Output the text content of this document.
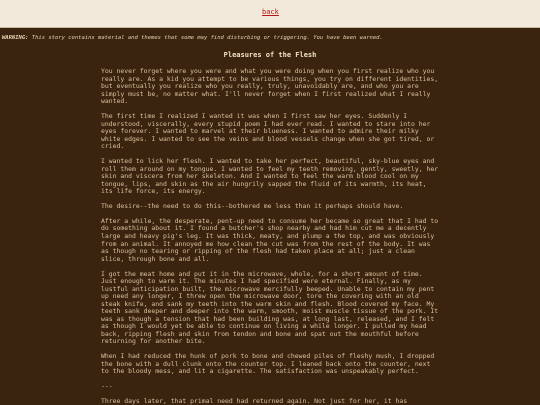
back
WARNING: This story contains material and themes that some may find disturbing or triggering. You have been warned.
Pleasures of the Flesh

You never forget where you were and what you were doing when you first realize who you really are. As a kid you attempt to be various things, you try on different identities, but eventually you realize who you really, truly, unavoidably are, and who you are simply must be, no matter what. I'll never forget when I first realized what I really wanted.

The first time I realized I wanted it was when I first saw her eyes. Suddenly I understood, viscerally, every stupid poem I had ever read. I wanted to stare into her eyes forever. I wanted to marvel at their blueness. I wanted to admire their milky white edges. I wanted to see the veins and blood vessels change when she got tired, or cried.

I wanted to lick her flesh. I wanted to take her perfect, beautiful, sky-blue eyes and roll them around on my tongue. I wanted to feel my teeth removing, gently, sweetly, her skin and viscera from her skeleton. And I wanted to feel the warm blood cool on my tongue, lips, and skin as the air hungrily sapped the fluid of its warmth, its heat, its life force, its energy.

The desire--the need to do this--bothered me less than it perhaps should have.

After a while, the desperate, pent-up need to consume her became so great that I had to do something about it. I found a butcher's shop nearby and had him cut me a decently large and heavy pig's leg. It was thick, meaty, and plump a the top, and was obviously from an animal. It annoyed me how clean the cut was from the rest of the body. It was as though no tearing or ripping of the flesh had taken place at all; just a clean slice, through bone and all.

I got the meat home and put it in the microwave, whole, for a short amount of time. Just enough to warm it. The minutes I had specified were eternal. Finally, as my lustful anticipation built, the microwave mercifully beeped. Unable to contain my pent up need any longer, I threw open the microwave door, tore the covering with an old steak knife, and sank my teeth into the warm skin and flesh. Blood covered my face. My teeth sank deeper and deeper into the warm, smooth, moist muscle tissue of the pork. It was as though a tension that had been building was, at long last, released, and I felt as though I would yet be able to continue on living a while longer. I pulled my head back, ripping flesh and skin from tendon and bone and spat out the mouthful before returning for another bite.

When I had reduced the hunk of pork to bone and chewed piles of fleshy mush, I dropped the bone with a dull clunk onto the counter top. I leaned back onto the counter, next to the bloody mess, and lit a cigarette. The satisfaction was unspeakably perfect.

---

Three days later, that primal need had returned again. Not just for her, it has
